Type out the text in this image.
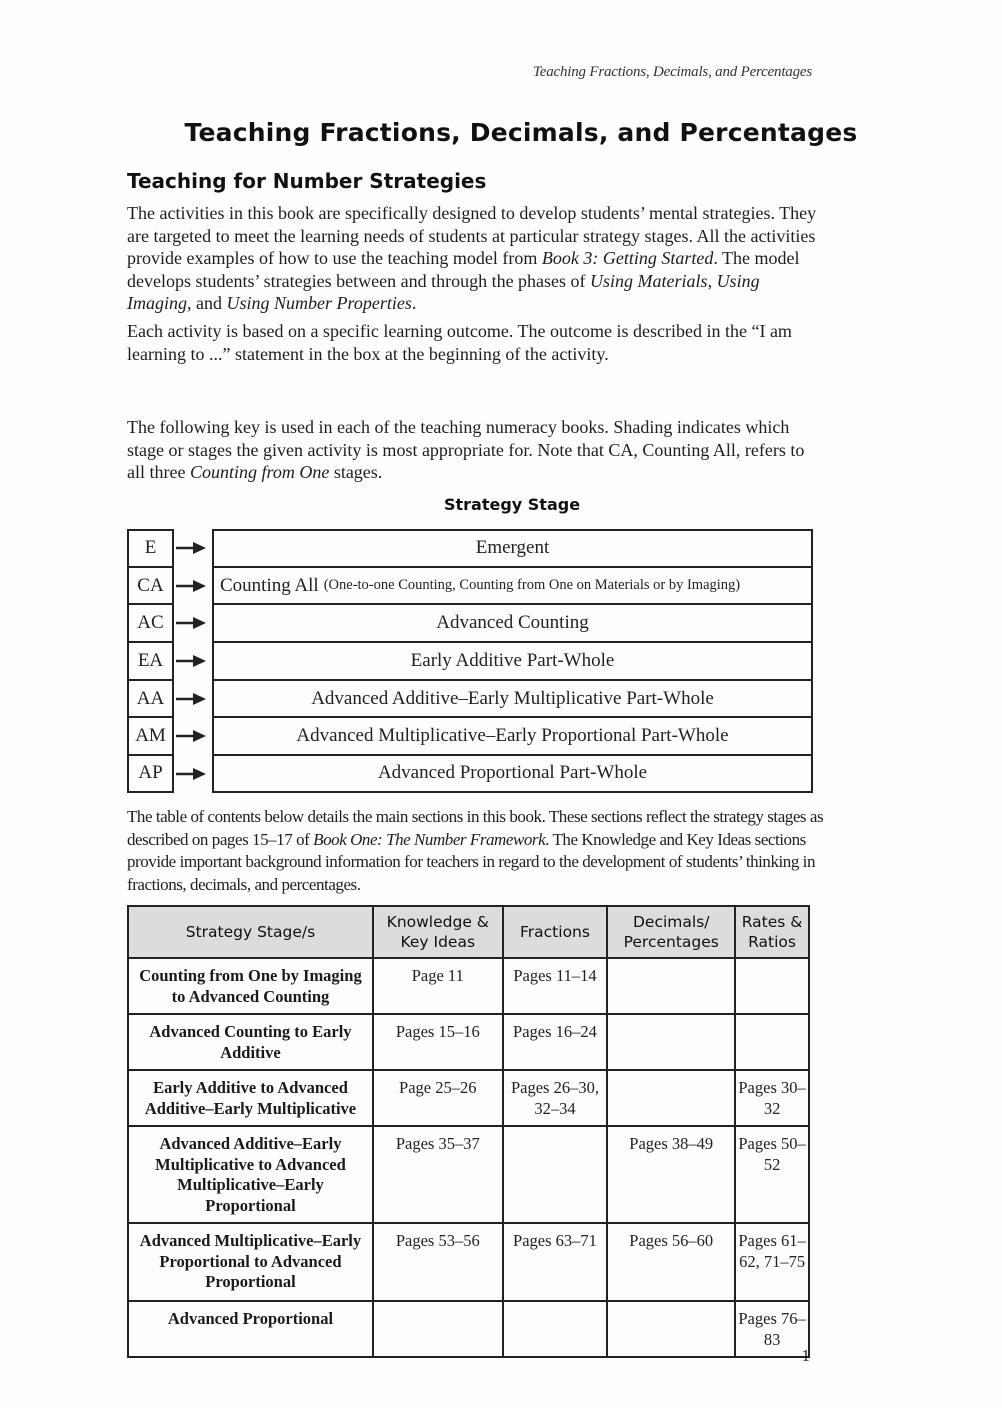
Teaching Fractions, Decimals, and Percentages
Teaching Fractions, Decimals, and Percentages
Teaching for Number Strategies

The activities in this book are specifically designed to develop students’ mental strategies. They are targeted to meet the learning needs of students at particular strategy stages. All the activities provide examples of how to use the teaching model from Book 3: Getting Started. The model develops students’ strategies between and through the phases of Using Materials, Using Imaging, and Using Number Properties.

Each activity is based on a specific learning outcome. The outcome is described in the “I am learning to ...” statement in the box at the beginning of the activity.

The following key is used in each of the teaching numeracy books. Shading indicates which stage or stages the given activity is most appropriate for. Note that CA, Counting All, refers to all three Counting from One stages.

Strategy Stage
E	Emergent
CA	Counting All (One-to-one Counting, Counting from One on Materials or by Imaging)
AC	Advanced Counting
EA	Early Additive Part-Whole
AA	Advanced Additive–Early Multiplicative Part-Whole
AM	Advanced Multiplicative–Early Proportional Part-Whole
AP	Advanced Proportional Part-Whole

The table of contents below details the main sections in this book. These sections reflect the strategy stages as described on pages 15–17 of Book One: The Number Framework. The Knowledge and Key Ideas sections provide important background information for teachers in regard to the development of students’ thinking in fractions, decimals, and percentages.

Strategy Stage/s	Knowledge & Key Ideas	Fractions	Decimals/ Percentages	Rates & Ratios
Counting from One by Imaging to Advanced Counting	Page 11	Pages 11–14		
Advanced Counting to Early Additive	Pages 15–16	Pages 16–24		
Early Additive to Advanced Additive–Early Multiplicative	Page 25–26	Pages 26–30, 32–34		Pages 30–32
Advanced Additive–Early Multiplicative to Advanced Multiplicative–Early Proportional	Pages 35–37		Pages 38–49	Pages 50–52
Advanced Multiplicative–Early Proportional to Advanced Proportional	Pages 53–56	Pages 63–71	Pages 56–60	Pages 61–62, 71–75
Advanced Proportional				Pages 76–83
1
